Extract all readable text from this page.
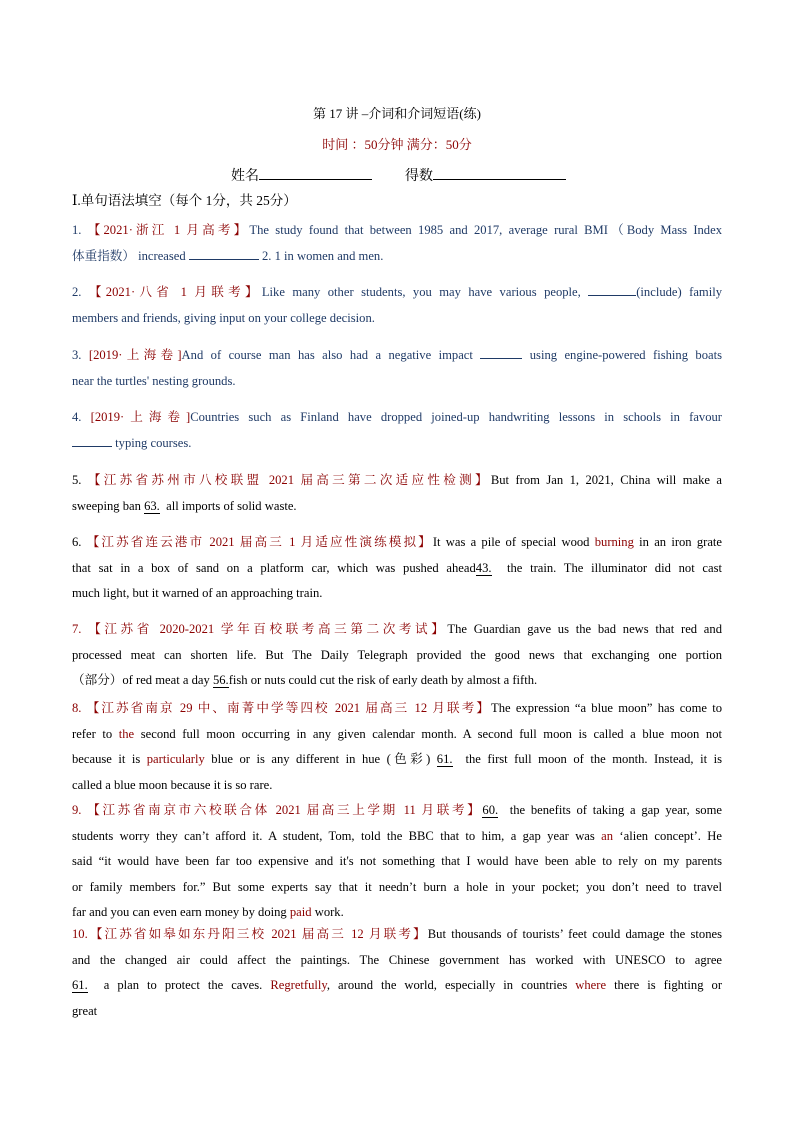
第 17 讲 –介词和介词短语(练)
时间 ：50分钟 满分：50分
姓名	得数
Ⅰ.单句语法填空（每个 1分，共 25分）
1. 【2021·浙江 1 月高考】The study found that between 1985 and 2017, average rural BMI（Body Mass Index
体重指数） increased	2. 1 in women and men.
2. 【2021·八省 1 月联考】Like many other students, you may have various people,	(include) family
members and friends, giving input on your college decision.
3. [2019·上海卷]And of course man has also had a negative impact	using engine-powered fishing boats
near the turtles' nesting grounds.
4. [2019·上海卷]Countries such as Finland have dropped joined-up handwriting lessons in schools in favour
typing courses.
5. 【江苏省苏州市八校联盟 2021 届高三第二次适应性检测】But from Jan 1, 2021, China will make a
sweeping ban 63. all imports of solid waste.
6. 【江苏省连云港市 2021 届高三 1 月适应性演练模拟】It was a pile of special wood burning in an iron grate
that sat in a box of sand on a platform car, which was pushed ahead43. the train. The illuminator did not cast
much light, but it warned of an approaching train.
7. 【江苏省 2020-2021 学年百校联考高三第二次考试】The Guardian gave us the bad news that red and
processed meat can shorten life. But The Daily Telegraph provided the good news that exchanging one portion
（部分）of red meat a day 56.fish or nuts could cut the risk of early death by almost a fifth.
8. 【江苏省南京 29 中、南菁中学等四校 2021 届高三 12 月联考】The expression “a blue moon” has come to
refer to the second full moon occurring in any given calendar month. A second full moon is called a blue moon not
because it is particularly blue or is any different in hue (色彩) 61. the first full moon of the month. Instead, it is
called a blue moon because it is so rare.
9. 【江苏省南京市六校联合体 2021 届高三上学期 11 月联考】60. the benefits of taking a gap year, some
students worry they can’t afford it. A student, Tom, told the BBC that to him, a gap year was an ‘alien concept’. He
said “it would have been far too expensive and it's not something that I would have been able to rely on my parents
or family members for.” But some experts say that it needn’t burn a hole in your pocket; you don’t need to travel
far and you can even earn money by doing paid work.
10.【江苏省如皋如东丹阳三校 2021 届高三 12 月联考】But thousands of tourists’ feet could damage the stones
and the changed air could affect the paintings. The Chinese government has worked with UNESCO to agree
61. a plan to protect the caves. Regretfully, around the world, especially in countries where there is fighting or
great
